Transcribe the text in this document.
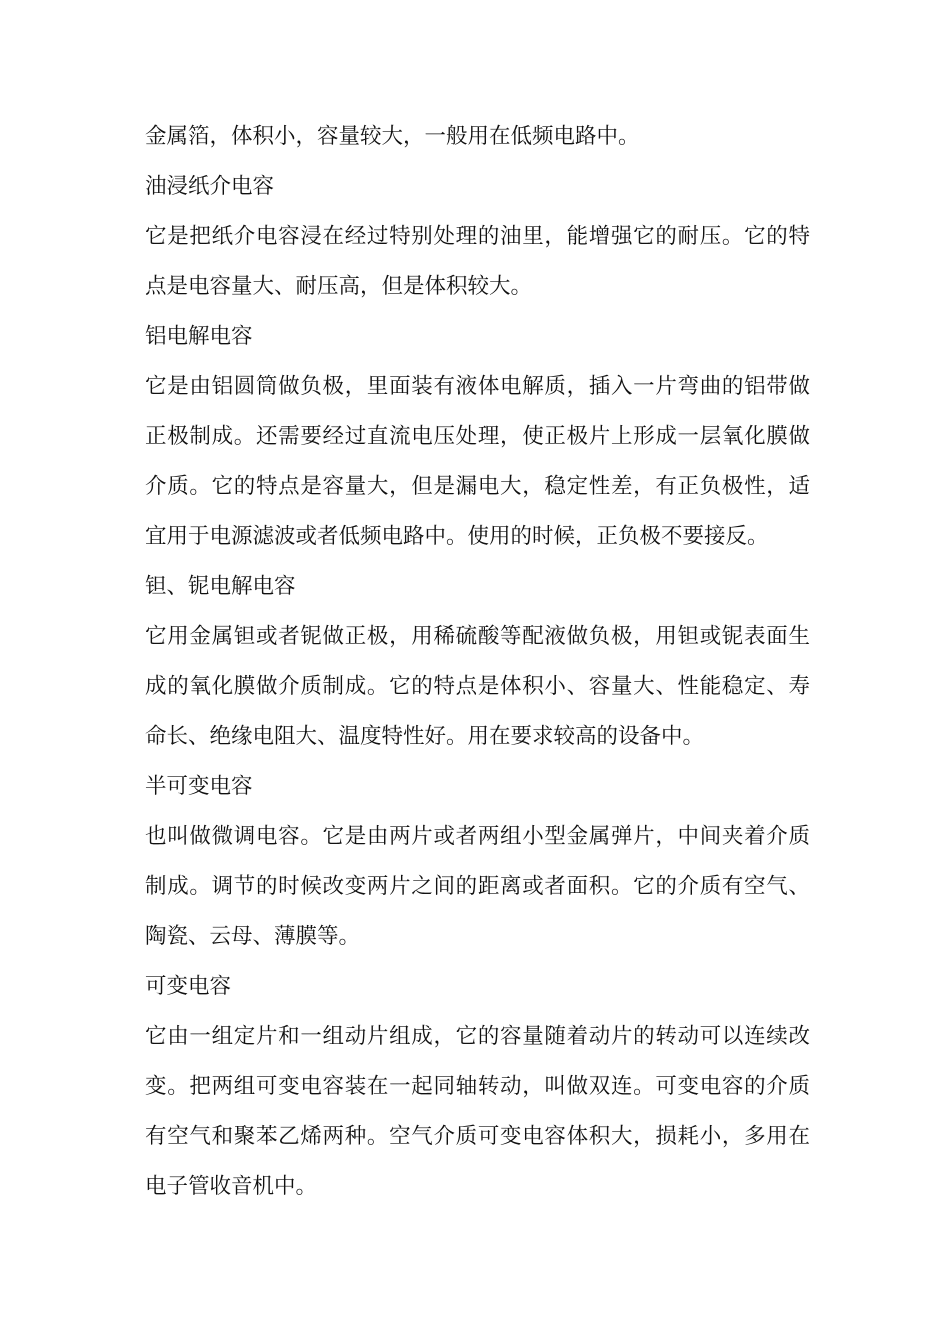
金属箔，体积小，容量较大，一般用在低频电路中。

油浸纸介电容

它是把纸介电容浸在经过特别处理的油里，能增强它的耐压。它的特点是电容量大、耐压高，但是体积较大。

铝电解电容

它是由铝圆筒做负极，里面装有液体电解质，插入一片弯曲的铝带做正极制成。还需要经过直流电压处理，使正极片上形成一层氧化膜做介质。它的特点是容量大，但是漏电大，稳定性差，有正负极性，适宜用于电源滤波或者低频电路中。使用的时候，正负极不要接反。

钽、铌电解电容

它用金属钽或者铌做正极，用稀硫酸等配液做负极，用钽或铌表面生成的氧化膜做介质制成。它的特点是体积小、容量大、性能稳定、寿命长、绝缘电阻大、温度特性好。用在要求较高的设备中。

半可变电容

也叫做微调电容。它是由两片或者两组小型金属弹片，中间夹着介质制成。调节的时候改变两片之间的距离或者面积。它的介质有空气、陶瓷、云母、薄膜等。

可变电容

它由一组定片和一组动片组成，它的容量随着动片的转动可以连续改变。把两组可变电容装在一起同轴转动，叫做双连。可变电容的介质有空气和聚苯乙烯两种。空气介质可变电容体积大，损耗小，多用在电子管收音机中。
